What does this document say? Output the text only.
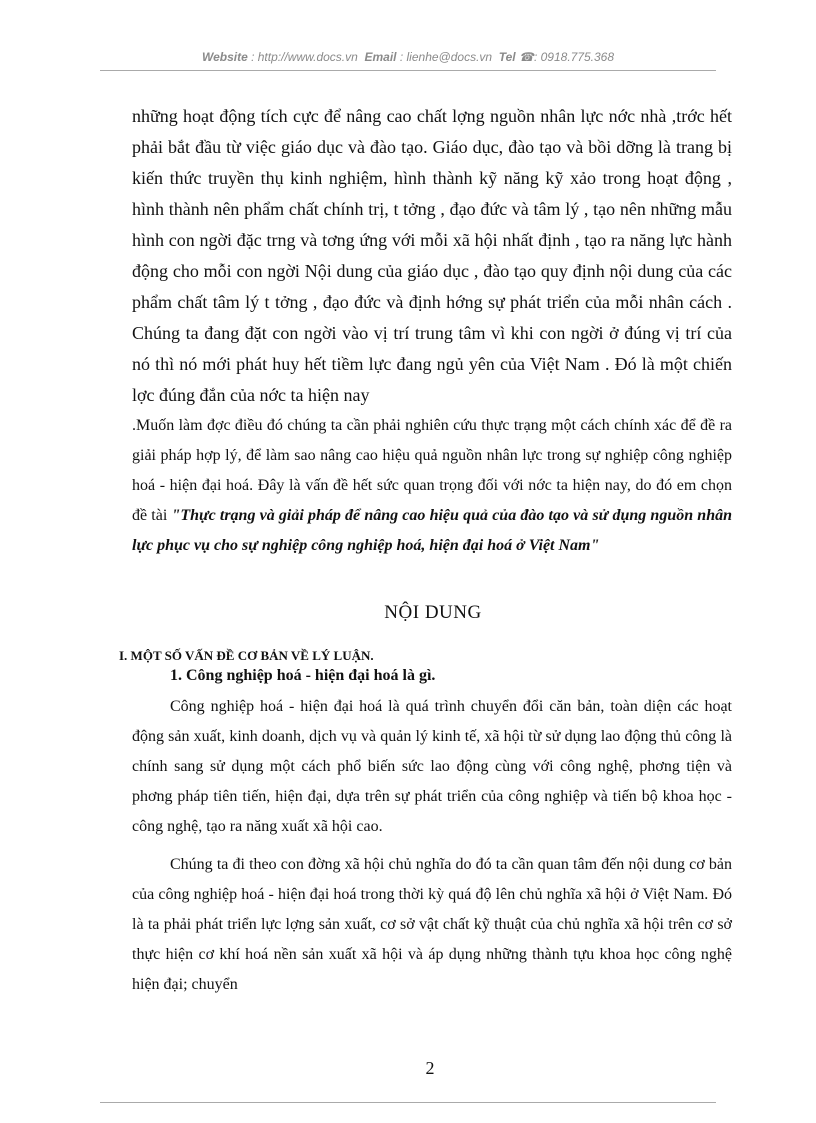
Website : http://www.docs.vn Email : lienhe@docs.vn Tel ☎: 0918.775.368

những hoạt động tích cực để nâng cao chất lợng nguồn nhân lực nớc nhà ,trớc hết phải bắt đầu từ việc giáo dục và đào tạo. Giáo dục, đào tạo và bồi dỡng là trang bị kiến thức truyền thụ kinh nghiệm, hình thành kỹ năng kỹ xảo trong hoạt động , hình thành nên phẩm chất chính trị, t tởng , đạo đức và tâm lý , tạo nên những mẫu hình con ngời đặc trng và tơng ứng với mỗi xã hội nhất định , tạo ra năng lực hành động cho mỗi con ngời Nội dung của giáo dục , đào tạo quy định nội dung của các phẩm chất tâm lý t tởng , đạo đức và định hớng sự phát triển của mỗi nhân cách . Chúng ta đang đặt con ngời vào vị trí trung tâm vì khi con ngời ở đúng vị trí của nó thì nó mới phát huy hết tiềm lực đang ngủ yên của Việt Nam . Đó là một chiến lợc đúng đắn của nớc ta hiện nay

.Muốn làm đợc điều đó chúng ta cần phải nghiên cứu thực trạng một cách chính xác để đề ra giải pháp hợp lý, để làm sao nâng cao hiệu quả nguồn nhân lực trong sự nghiệp công nghiệp hoá - hiện đại hoá. Đây là vấn đề hết sức quan trọng đối với nớc ta hiện nay, do đó em chọn đề tài "Thực trạng và giải pháp để nâng cao hiệu quả của đào tạo và sử dụng nguồn nhân lực phục vụ cho sự nghiệp công nghiệp hoá, hiện đại hoá ở Việt Nam"

NỘI DUNG
I. MỘT SỐ VẤN ĐỀ CƠ BẢN VỀ LÝ LUẬN.
1. Công nghiệp hoá - hiện đại hoá là gì.

Công nghiệp hoá - hiện đại hoá là quá trình chuyển đổi căn bản, toàn diện các hoạt động sản xuất, kinh doanh, dịch vụ và quản lý kinh tế, xã hội từ sử dụng lao động thủ công là chính sang sử dụng một cách phổ biến sức lao động cùng với công nghệ, phơng tiện và phơng pháp tiên tiến, hiện đại, dựa trên sự phát triển của công nghiệp và tiến bộ khoa học - công nghệ, tạo ra năng xuất xã hội cao.

Chúng ta đi theo con đờng xã hội chủ nghĩa do đó ta cần quan tâm đến nội dung cơ bản của công nghiệp hoá - hiện đại hoá trong thời kỳ quá độ lên chủ nghĩa xã hội ở Việt Nam. Đó là ta phải phát triển lực lợng sản xuất, cơ sở vật chất kỹ thuật của chủ nghĩa xã hội trên cơ sở thực hiện cơ khí hoá nền sản xuất xã hội và áp dụng những thành tựu khoa học công nghệ hiện đại; chuyển

2
